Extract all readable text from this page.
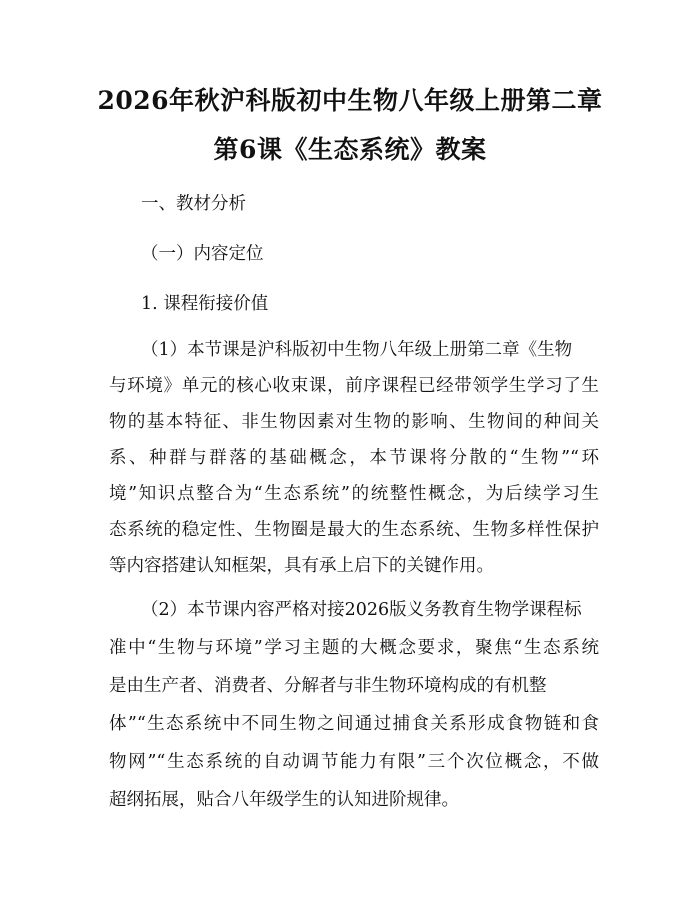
2026年秋沪科版初中生物八年级上册第二章
第6课《生态系统》教案
一、教材分析
（一）内容定位
1. 课程衔接价值
（1）本节课是沪科版初中生物八年级上册第二章《生物
与环境》单元的核心收束课，前序课程已经带领学生学习了生
物的基本特征、非生物因素对生物的影响、生物间的种间关
系、种群与群落的基础概念，本节课将分散的“生物”“环
境”知识点整合为“生态系统”的统整性概念，为后续学习生
态系统的稳定性、生物圈是最大的生态系统、生物多样性保护
等内容搭建认知框架，具有承上启下的关键作用。
（2）本节课内容严格对接2026版义务教育生物学课程标
准中“生物与环境”学习主题的大概念要求，聚焦“生态系统
是由生产者、消费者、分解者与非生物环境构成的有机整
体”“生态系统中不同生物之间通过捕食关系形成食物链和食
物网”“生态系统的自动调节能力有限”三个次位概念，不做
超纲拓展，贴合八年级学生的认知进阶规律。
